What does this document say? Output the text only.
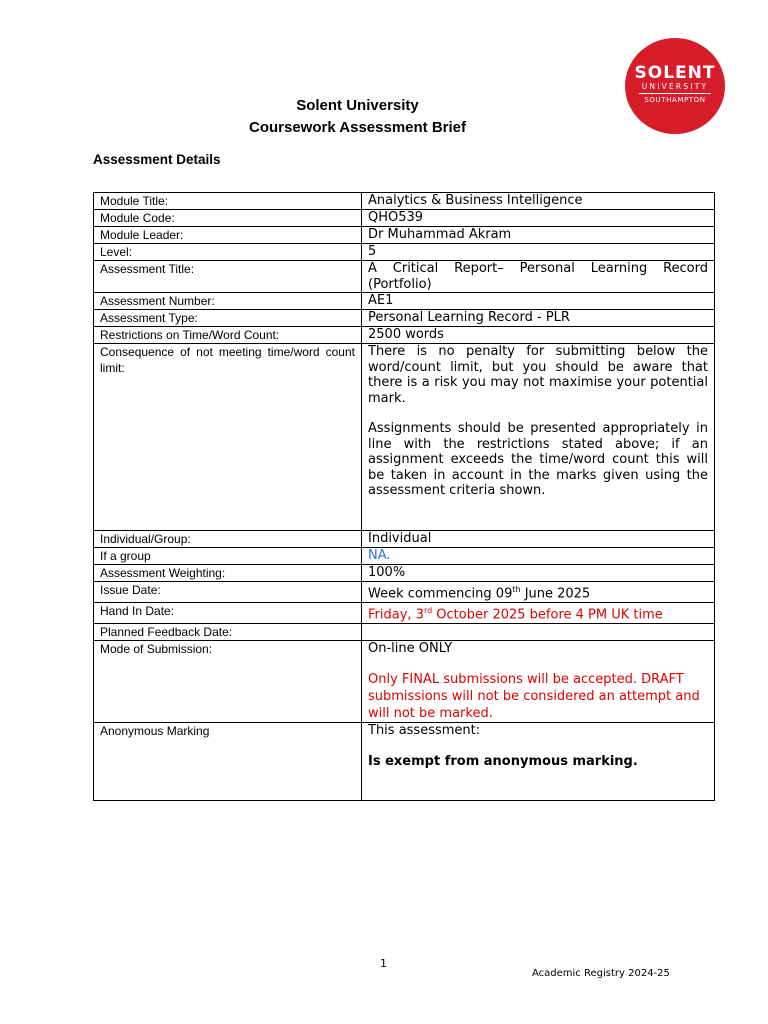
SOLENT
UNIVERSITY
SOUTHAMPTON
Solent University
Coursework Assessment Brief
Assessment Details
Module Title:	Analytics & Business Intelligence
Module Code:	QHO539
Module Leader:	Dr Muhammad Akram
Level:	5
Assessment Title:	A Critical Report– Personal Learning Record (Portfolio)
Assessment Number:	AE1
Assessment Type:	Personal Learning Record - PLR
Restrictions on Time/Word Count:	2500 words
Consequence of not meeting time/word count limit:	There is no penalty for submitting below the word/count limit, but you should be aware that there is a risk you may not maximise your potential mark.

Assignments should be presented appropriately in line with the restrictions stated above; if an assignment exceeds the time/word count this will be taken in account in the marks given using the assessment criteria shown.

Individual/Group:	Individual
If a group	NA.
Assessment Weighting:	100%
Issue Date:	Week commencing 09th June 2025
Hand In Date:	Friday, 3rd October 2025 before 4 PM UK time
Planned Feedback Date:	
Mode of Submission:	On-line ONLY

Only FINAL submissions will be accepted. DRAFT submissions will not be considered an attempt and will not be marked.

Anonymous Marking	This assessment:

Is exempt from anonymous marking.

1
Academic Registry 2024-25
